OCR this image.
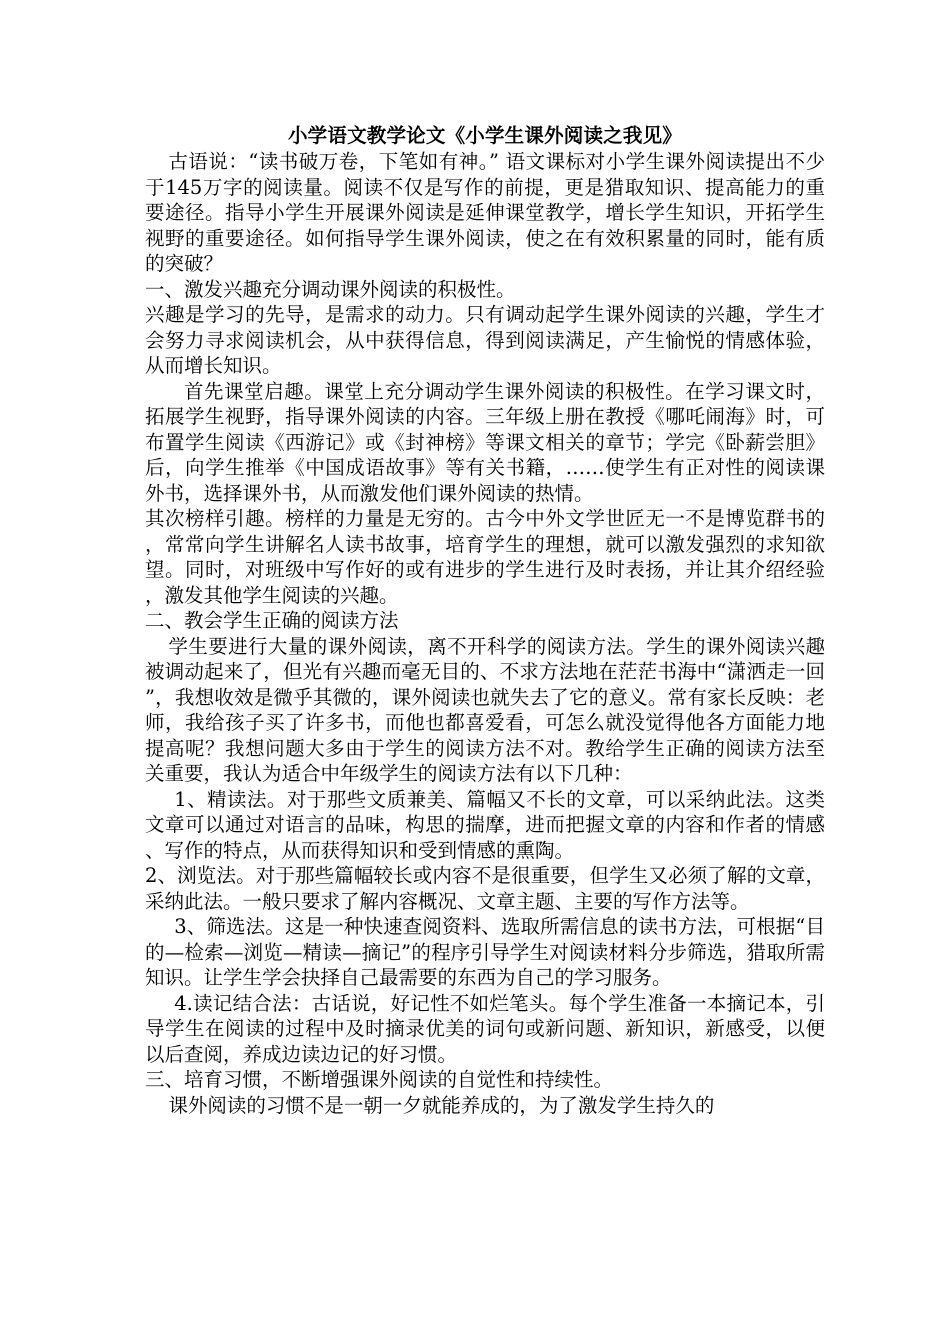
小学语文教学论文《小学生课外阅读之我见》

古语说：“读书破万卷，下笔如有神。” 语文课标对小学生课外阅读提出不少于145万字的阅读量。阅读不仅是写作的前提，更是猎取知识、提高能力的重要途径。指导小学生开展课外阅读是延伸课堂教学，增长学生知识，开拓学生视野的重要途径。如何指导学生课外阅读，使之在有效积累量的同时，能有质的突破？

一、激发兴趣充分调动课外阅读的积极性。

兴趣是学习的先导，是需求的动力。只有调动起学生课外阅读的兴趣，学生才会努力寻求阅读机会，从中获得信息，得到阅读满足，产生愉悦的情感体验，从而增长知识。

首先课堂启趣。课堂上充分调动学生课外阅读的积极性。在学习课文时，拓展学生视野，指导课外阅读的内容。三年级上册在教授《哪吒闹海》时，可布置学生阅读《西游记》或《封神榜》等课文相关的章节；学完《卧薪尝胆》后，向学生推举《中国成语故事》等有关书籍，……使学生有正对性的阅读课外书，选择课外书，从而激发他们课外阅读的热情。

其次榜样引趣。榜样的力量是无穷的。古今中外文学世匠无一不是博览群书的，常常向学生讲解名人读书故事，培育学生的理想，就可以激发强烈的求知欲望。同时，对班级中写作好的或有进步的学生进行及时表扬，并让其介绍经验，激发其他学生阅读的兴趣。

二、教会学生正确的阅读方法

学生要进行大量的课外阅读，离不开科学的阅读方法。学生的课外阅读兴趣被调动起来了，但光有兴趣而毫无目的、不求方法地在茫茫书海中“潇洒走一回”，我想收效是微乎其微的，课外阅读也就失去了它的意义。常有家长反映：老师，我给孩子买了许多书，而他也都喜爱看，可怎么就没觉得他各方面能力地提高呢？我想问题大多由于学生的阅读方法不对。教给学生正确的阅读方法至关重要，我认为适合中年级学生的阅读方法有以下几种：

1、精读法。对于那些文质兼美、篇幅又不长的文章，可以采纳此法。这类文章可以通过对语言的品味，构思的揣摩，进而把握文章的内容和作者的情感、写作的特点，从而获得知识和受到情感的熏陶。

2、浏览法。对于那些篇幅较长或内容不是很重要，但学生又必须了解的文章，采纳此法。一般只要求了解内容概况、文章主题、主要的写作方法等。

3、筛选法。这是一种快速查阅资料、选取所需信息的读书方法，可根据“目的—检索—浏览—精读—摘记”的程序引导学生对阅读材料分步筛选，猎取所需知识。让学生学会抉择自己最需要的东西为自己的学习服务。

4.读记结合法：古话说，好记性不如烂笔头。每个学生准备一本摘记本，引导学生在阅读的过程中及时摘录优美的词句或新问题、新知识，新感受，以便以后查阅，养成边读边记的好习惯。

三、培育习惯，不断增强课外阅读的自觉性和持续性。

课外阅读的习惯不是一朝一夕就能养成的，为了激发学生持久的
